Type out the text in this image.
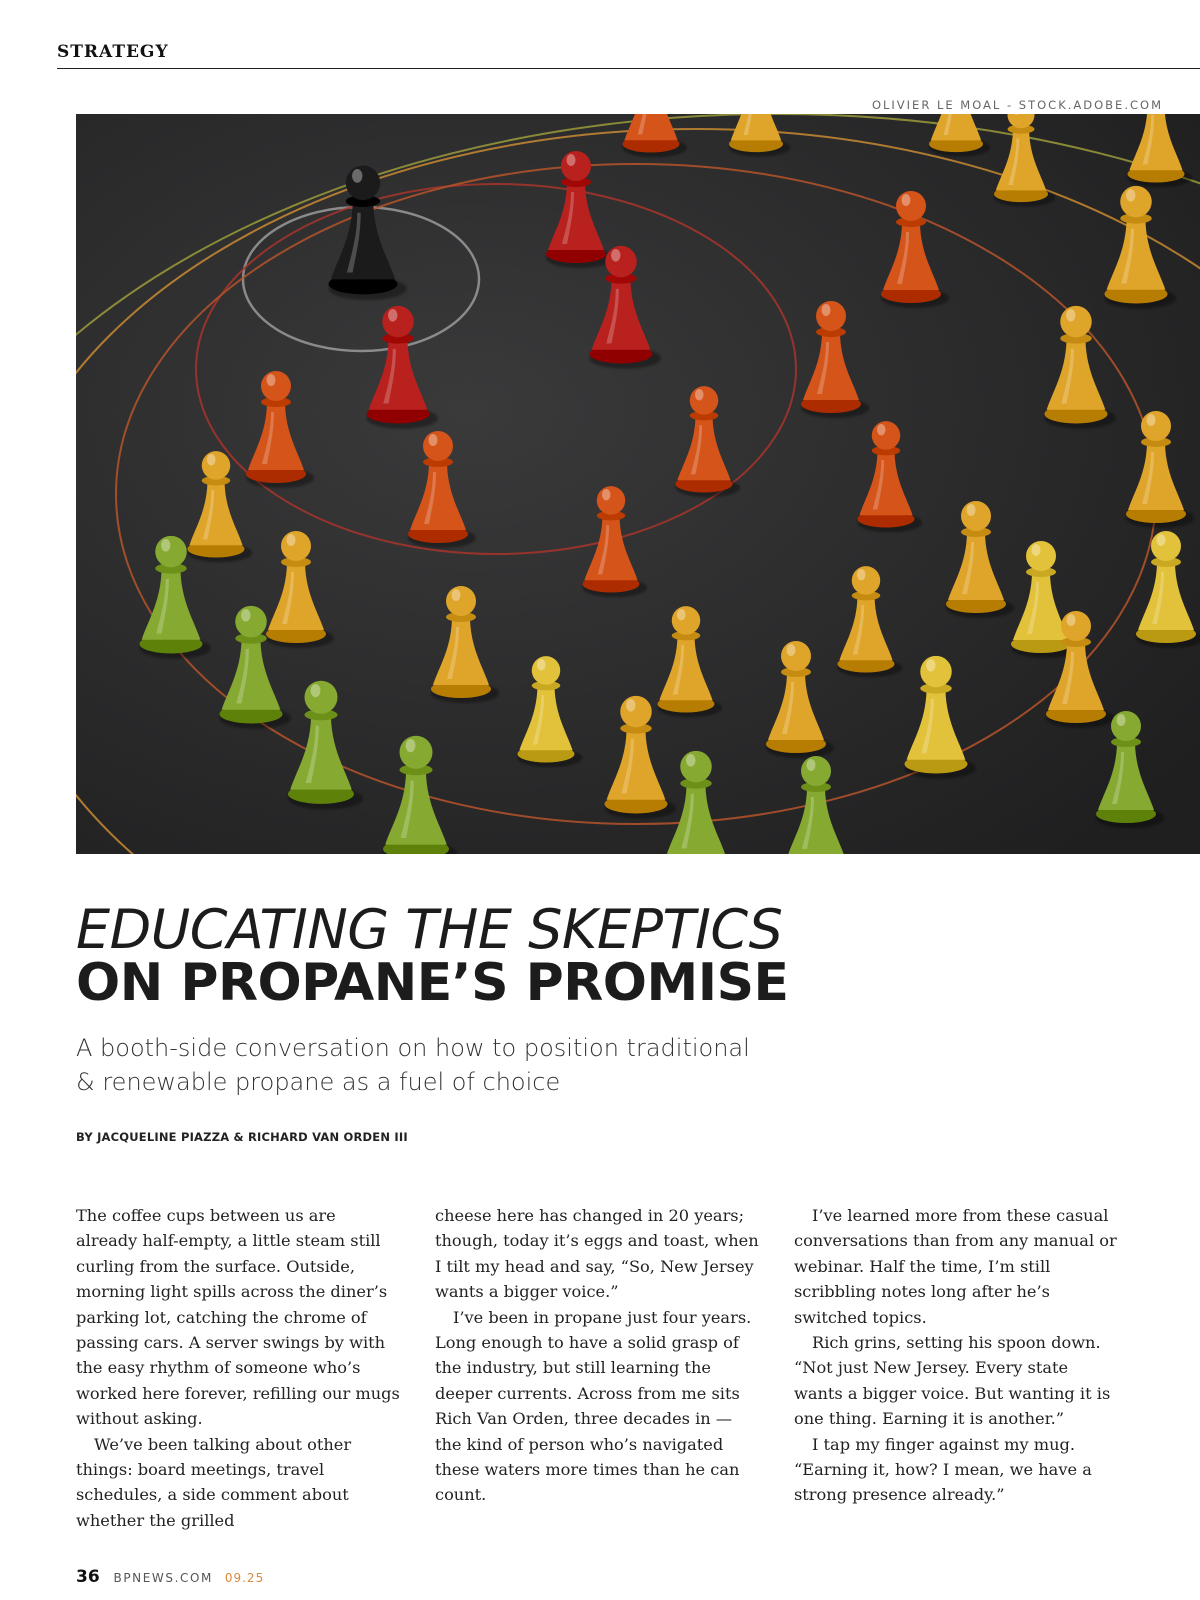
STRATEGY
OLIVIER LE MOAL - STOCK.ADOBE.COM
EDUCATING THE SKEPTICS
ON PROPANE’S PROMISE

A booth-side conversation on how to position traditional & renewable propane as a fuel of choice

BY JACQUELINE PIAZZA & RICHARD VAN ORDEN III

The coffee cups between us are already half-empty, a little steam still curling from the surface. Outside, morning light spills across the diner’s parking lot, catching the chrome of passing cars. A server swings by with the easy rhythm of someone who’s worked here forever, refilling our mugs without asking.

We’ve been talking about other things: board meetings, travel schedules, a side comment about whether the grilled

cheese here has changed in 20 years; though, today it’s eggs and toast, when I tilt my head and say, “So, New Jersey wants a bigger voice.”

I’ve been in propane just four years. Long enough to have a solid grasp of the industry, but still learning the deeper currents. Across from me sits Rich Van Orden, three decades in — the kind of person who’s navigated these waters more times than he can count.

I’ve learned more from these casual conversations than from any manual or webinar. Half the time, I’m still scribbling notes long after he’s switched topics.

Rich grins, setting his spoon down. “Not just New Jersey. Every state wants a bigger voice. But wanting it is one thing. Earning it is another.”

I tap my finger against my mug. “Earning it, how? I mean, we have a strong presence already.”

36 BPNEWS.COM 09.25
